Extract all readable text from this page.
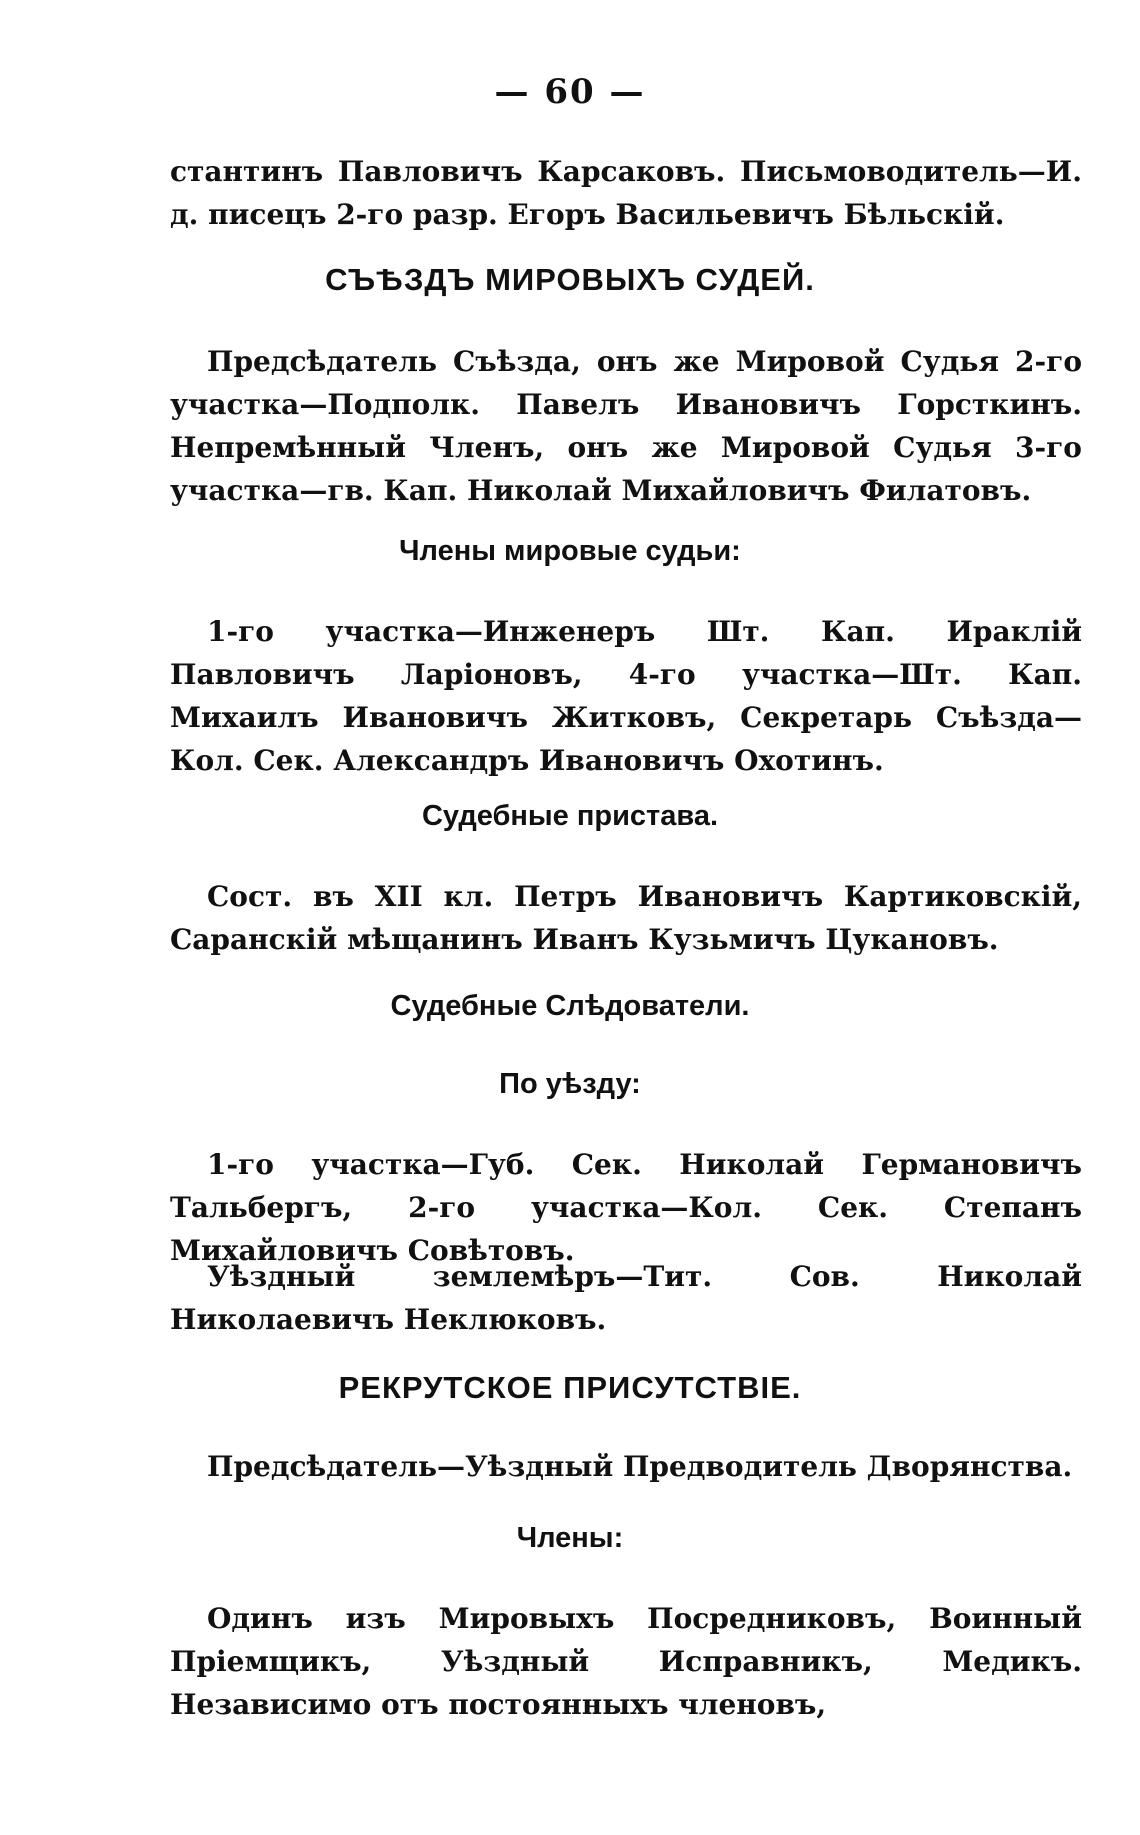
— 60 —
стантинъ Павловичъ Карсаковъ. Письмоводитель—И. д. писецъ 2-го разр. Егоръ Васильевичъ Бѣльскій.
СЪѢЗДЪ МИРОВЫХЪ СУДЕЙ.
Предсѣдатель Съѣзда, онъ же Мировой Судья 2-го участка—Подполк. Павелъ Ивановичъ Горсткинъ. Непремѣнный Членъ, онъ же Мировой Судья 3-го участка—гв. Кап. Николай Михайловичъ Филатовъ.
Члены мировые судьи:
1-го участка—Инженеръ Шт. Кап. Ираклій Павловичъ Ларіоновъ, 4-го участка—Шт. Кап. Михаилъ Ивановичъ Житковъ, Секретарь Съѣзда—Кол. Сек. Александръ Ивановичъ Охотинъ.
Судебные пристава.
Сост. въ XII кл. Петръ Ивановичъ Картиковскій, Саранскій мѣщанинъ Иванъ Кузьмичъ Цукановъ.
Судебные Слѣдователи.
По уѣзду:
1-го участка—Губ. Сек. Николай Германовичъ Тальбергъ, 2-го участка—Кол. Сек. Степанъ Михайловичъ Совѣтовъ.
Уѣздный землемѣръ—Тит. Сов. Николай Николаевичъ Неклюковъ.
РЕКРУТСКОЕ ПРИСУТСТВІЕ.
Предсѣдатель—Уѣздный Предводитель Дворянства.
Члены:
Одинъ изъ Мировыхъ Посредниковъ, Воинный Пріемщикъ, Уѣздный Исправникъ, Медикъ. Независимо отъ постоянныхъ членовъ,
